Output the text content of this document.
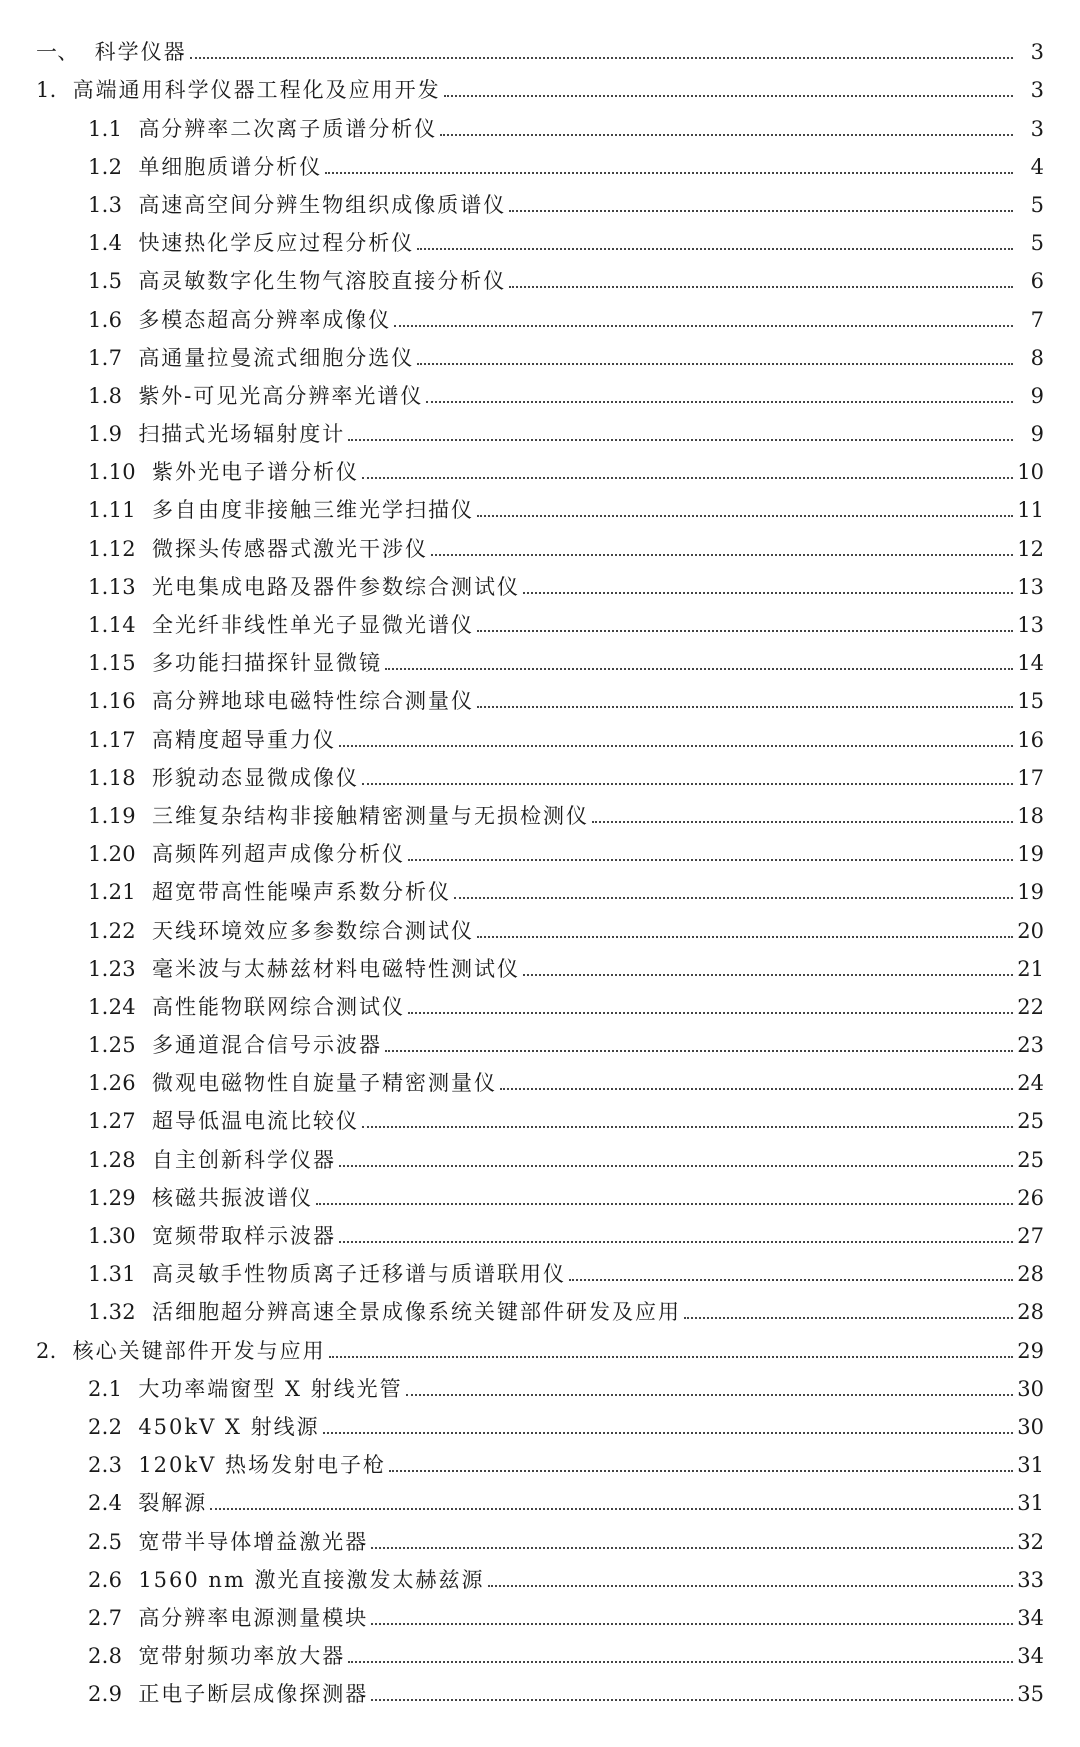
一、 科学仪器	3
1. 高端通用科学仪器工程化及应用开发	3
1.1 高分辨率二次离子质谱分析仪	3
1.2 单细胞质谱分析仪	4
1.3 高速高空间分辨生物组织成像质谱仪	5
1.4 快速热化学反应过程分析仪	5
1.5 高灵敏数字化生物气溶胶直接分析仪	6
1.6 多模态超高分辨率成像仪	7
1.7 高通量拉曼流式细胞分选仪	8
1.8 紫外-可见光高分辨率光谱仪	9
1.9 扫描式光场辐射度计	9
1.10 紫外光电子谱分析仪	10
1.11 多自由度非接触三维光学扫描仪	11
1.12 微探头传感器式激光干涉仪	12
1.13 光电集成电路及器件参数综合测试仪	13
1.14 全光纤非线性单光子显微光谱仪	13
1.15 多功能扫描探针显微镜	14
1.16 高分辨地球电磁特性综合测量仪	15
1.17 高精度超导重力仪	16
1.18 形貌动态显微成像仪	17
1.19 三维复杂结构非接触精密测量与无损检测仪	18
1.20 高频阵列超声成像分析仪	19
1.21 超宽带高性能噪声系数分析仪	19
1.22 天线环境效应多参数综合测试仪	20
1.23 毫米波与太赫兹材料电磁特性测试仪	21
1.24 高性能物联网综合测试仪	22
1.25 多通道混合信号示波器	23
1.26 微观电磁物性自旋量子精密测量仪	24
1.27 超导低温电流比较仪	25
1.28 自主创新科学仪器	25
1.29 核磁共振波谱仪	26
1.30 宽频带取样示波器	27
1.31 高灵敏手性物质离子迁移谱与质谱联用仪	28
1.32 活细胞超分辨高速全景成像系统关键部件研发及应用	28
2. 核心关键部件开发与应用	29
2.1 大功率端窗型 X 射线光管	30
2.2 450kV X 射线源	30
2.3 120kV 热场发射电子枪	31
2.4 裂解源	31
2.5 宽带半导体增益激光器	32
2.6 1560 nm 激光直接激发太赫兹源	33
2.7 高分辨率电源测量模块	34
2.8 宽带射频功率放大器	34
2.9 正电子断层成像探测器	35
